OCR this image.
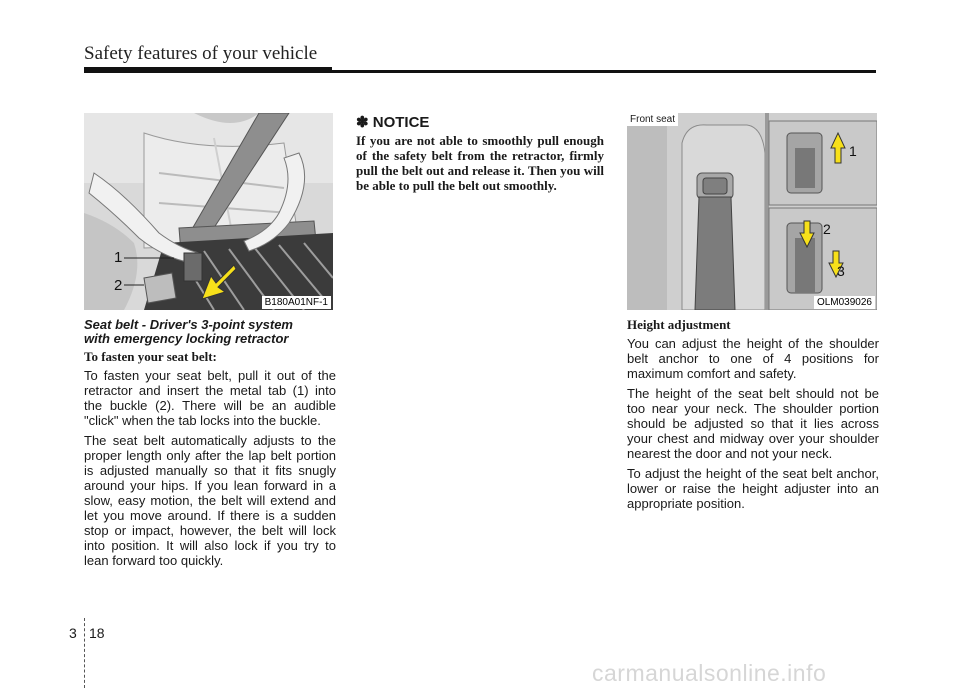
Safety features of your vehicle
1
2
B180A01NF-1
Seat belt - Driver's 3-point system
with emergency locking retractor
To fasten your seat belt:

To fasten your seat belt, pull it out of the retractor and insert the metal tab (1) into the buckle (2). There will be an audible "click" when the tab locks into the buckle.

The seat belt automatically adjusts to the proper length only after the lap belt portion is adjusted manually so that it fits snugly around your hips. If you lean forward in a slow, easy motion, the belt will extend and let you move around. If there is a sudden stop or impact, however, the belt will lock into position. It will also lock if you try to lean forward too quickly.

✽ NOTICE
If you are not able to smoothly pull enough of the safety belt from the retractor, firmly pull the belt out and release it. Then you will be able to pull the belt out smoothly.
Front seat
1
2
3
OLM039026
Height adjustment

You can adjust the height of the shoulder belt anchor to one of 4 positions for maximum comfort and safety.

The height of the seat belt should not be too near your neck. The shoulder portion should be adjusted so that it lies across your chest and midway over your shoulder nearest the door and not your neck.

To adjust the height of the seat belt anchor, lower or raise the height adjuster into an appropriate position.

3 18
carmanualsonline.info
